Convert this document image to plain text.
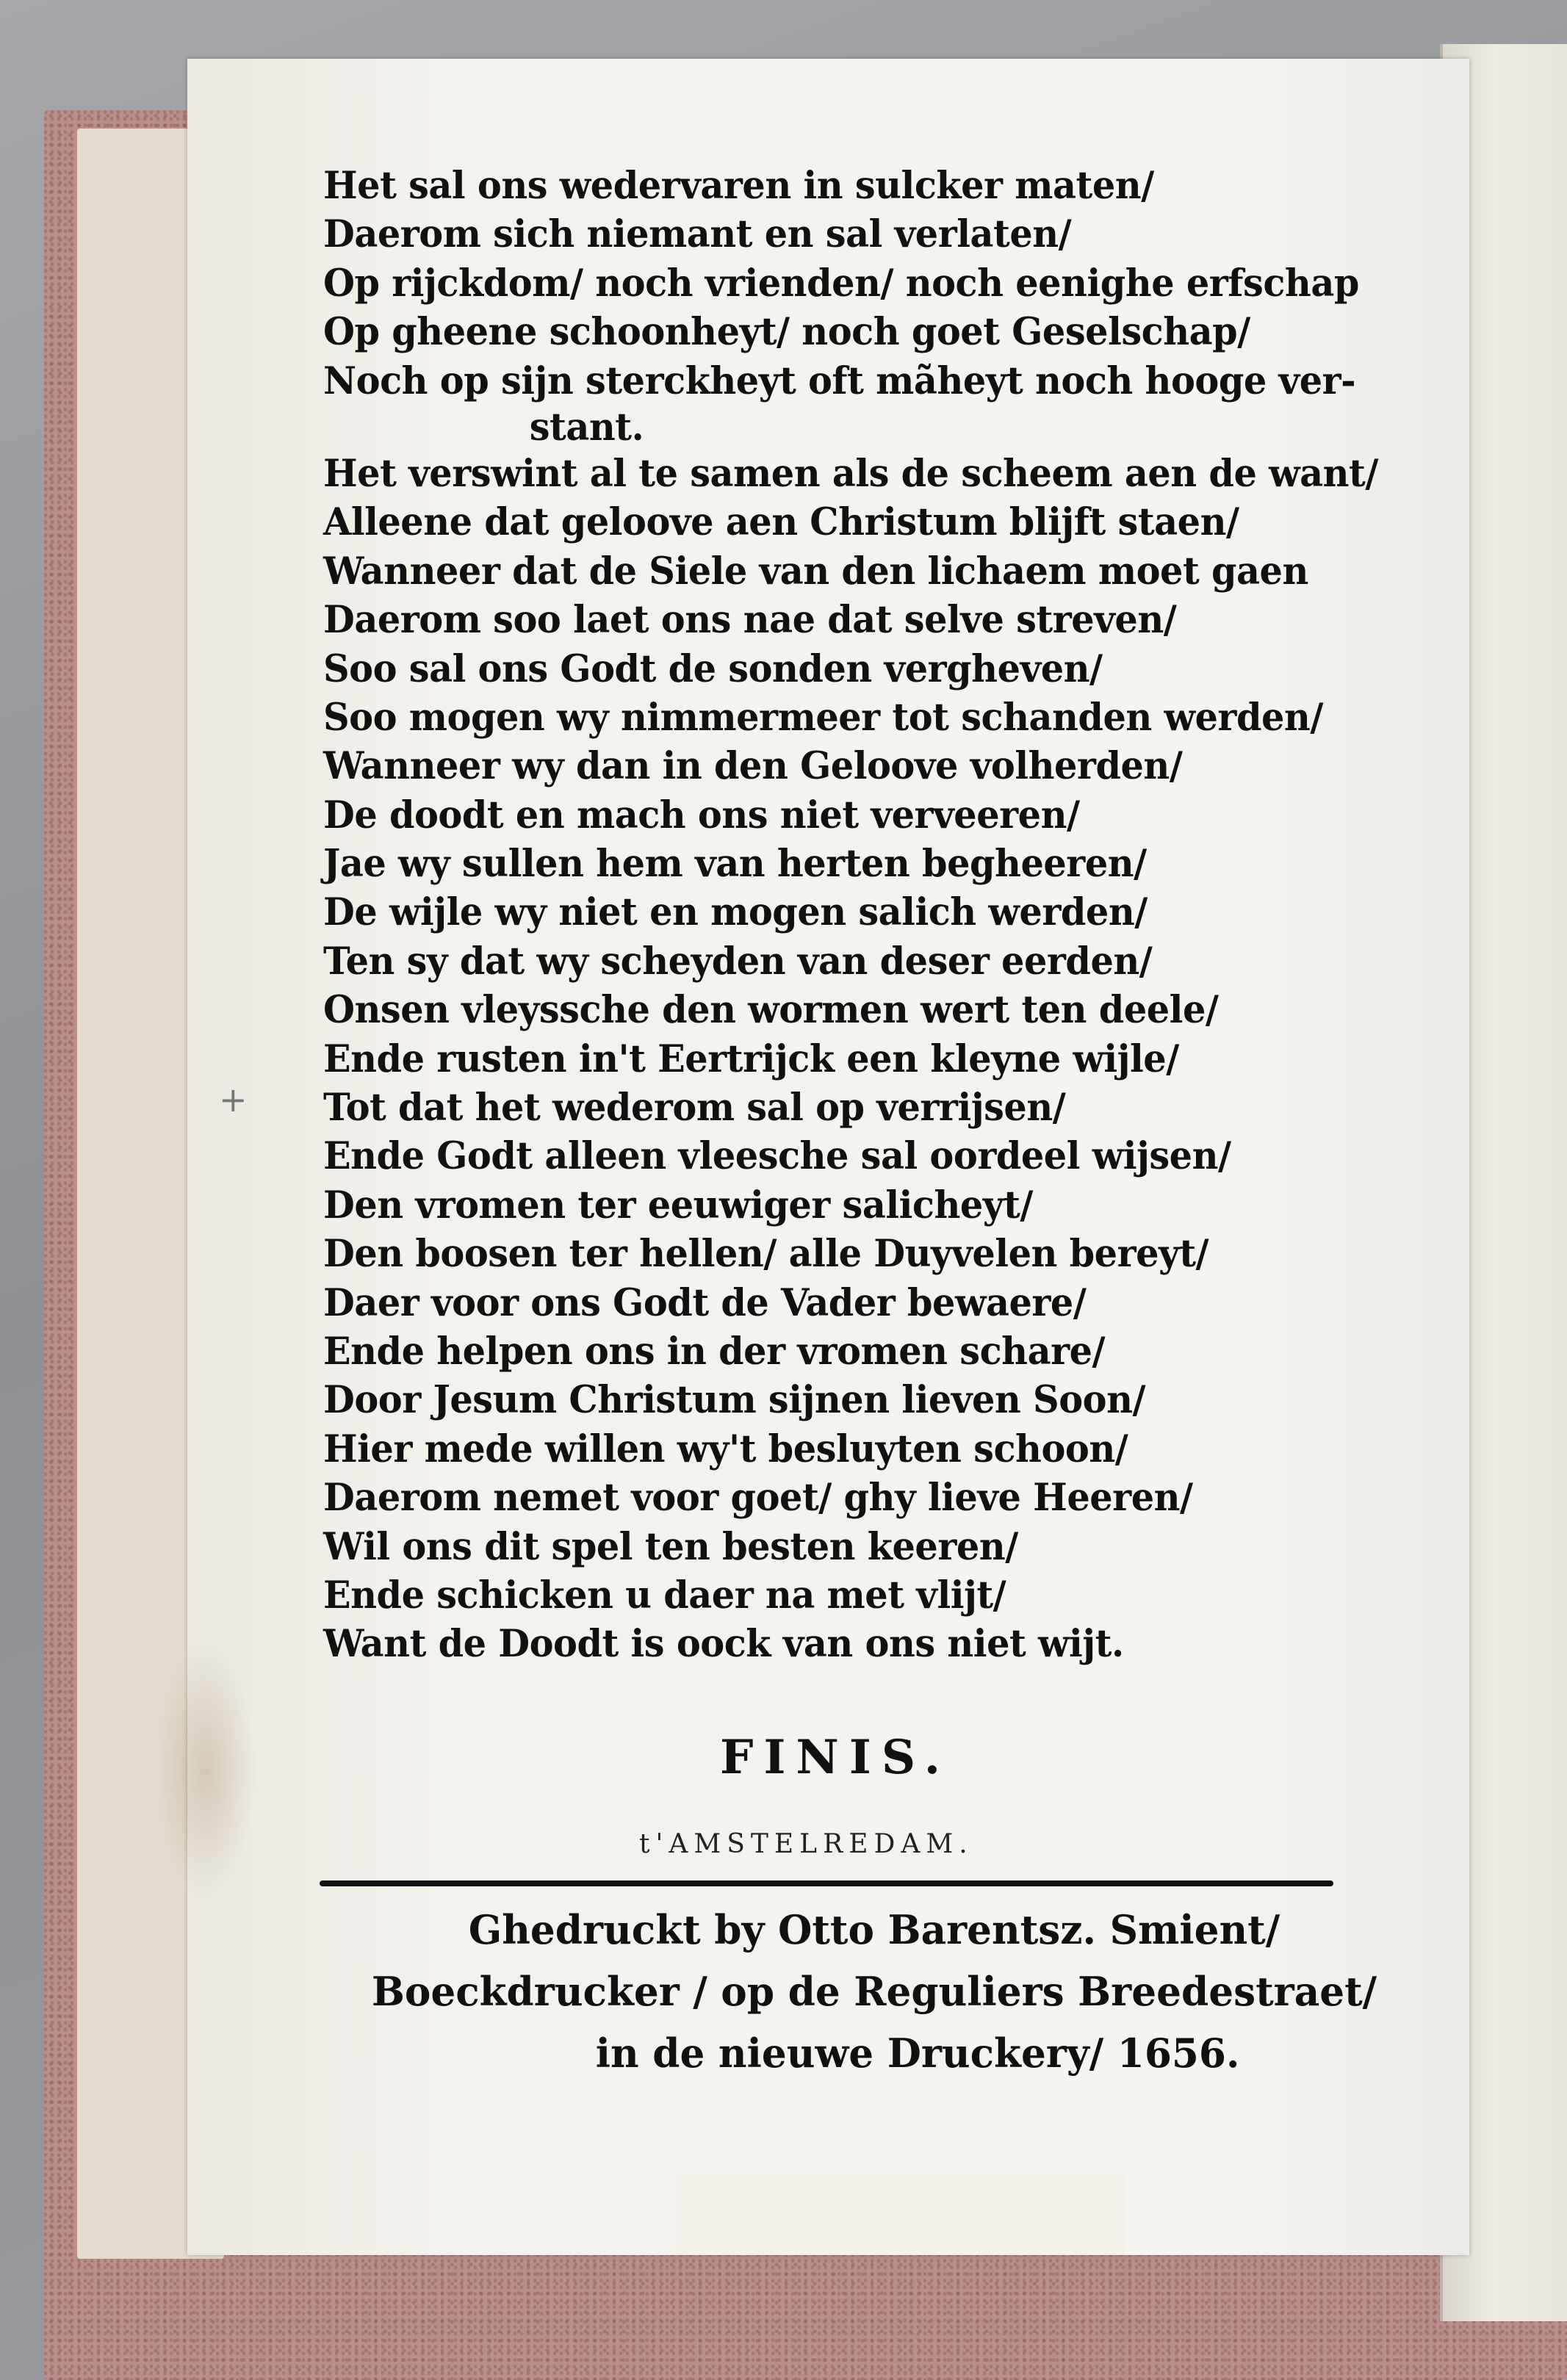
+
Het sal ons wedervaren in sulcker maten/
Daerom sich niemant en sal verlaten/
Op rijckdom/ noch vrienden/ noch eenighe erfschap
Op gheene schoonheyt/ noch goet Geselschap/
Noch op sijn sterckheyt oft mãheyt noch hooge ver-
stant.
Het verswint al te samen als de scheem aen de want/
Alleene dat geloove aen Christum blijft staen/
Wanneer dat de Siele van den lichaem moet gaen
Daerom soo laet ons nae dat selve streven/
Soo sal ons Godt de sonden vergheven/
Soo mogen wy nimmermeer tot schanden werden/
Wanneer wy dan in den Geloove volherden/
De doodt en mach ons niet verveeren/
Jae wy sullen hem van herten begheeren/
De wijle wy niet en mogen salich werden/
Ten sy dat wy scheyden van deser eerden/
Onsen vleyssche den wormen wert ten deele/
Ende rusten in't Eertrijck een kleyne wijle/
Tot dat het wederom sal op verrijsen/
Ende Godt alleen vleesche sal oordeel wijsen/
Den vromen ter eeuwiger salicheyt/
Den boosen ter hellen/ alle Duyvelen bereyt/
Daer voor ons Godt de Vader bewaere/
Ende helpen ons in der vromen schare/
Door Jesum Christum sijnen lieven Soon/
Hier mede willen wy't besluyten schoon/
Daerom nemet voor goet/ ghy lieve Heeren/
Wil ons dit spel ten besten keeren/
Ende schicken u daer na met vlijt/
Want de Doodt is oock van ons niet wijt.
FINIS.
t'AMSTELREDAM.
Ghedruckt by Otto Barentsz. Smient/
Boeckdrucker / op de Reguliers Breedestraet/
in de nieuwe Druckery/ 1656.
